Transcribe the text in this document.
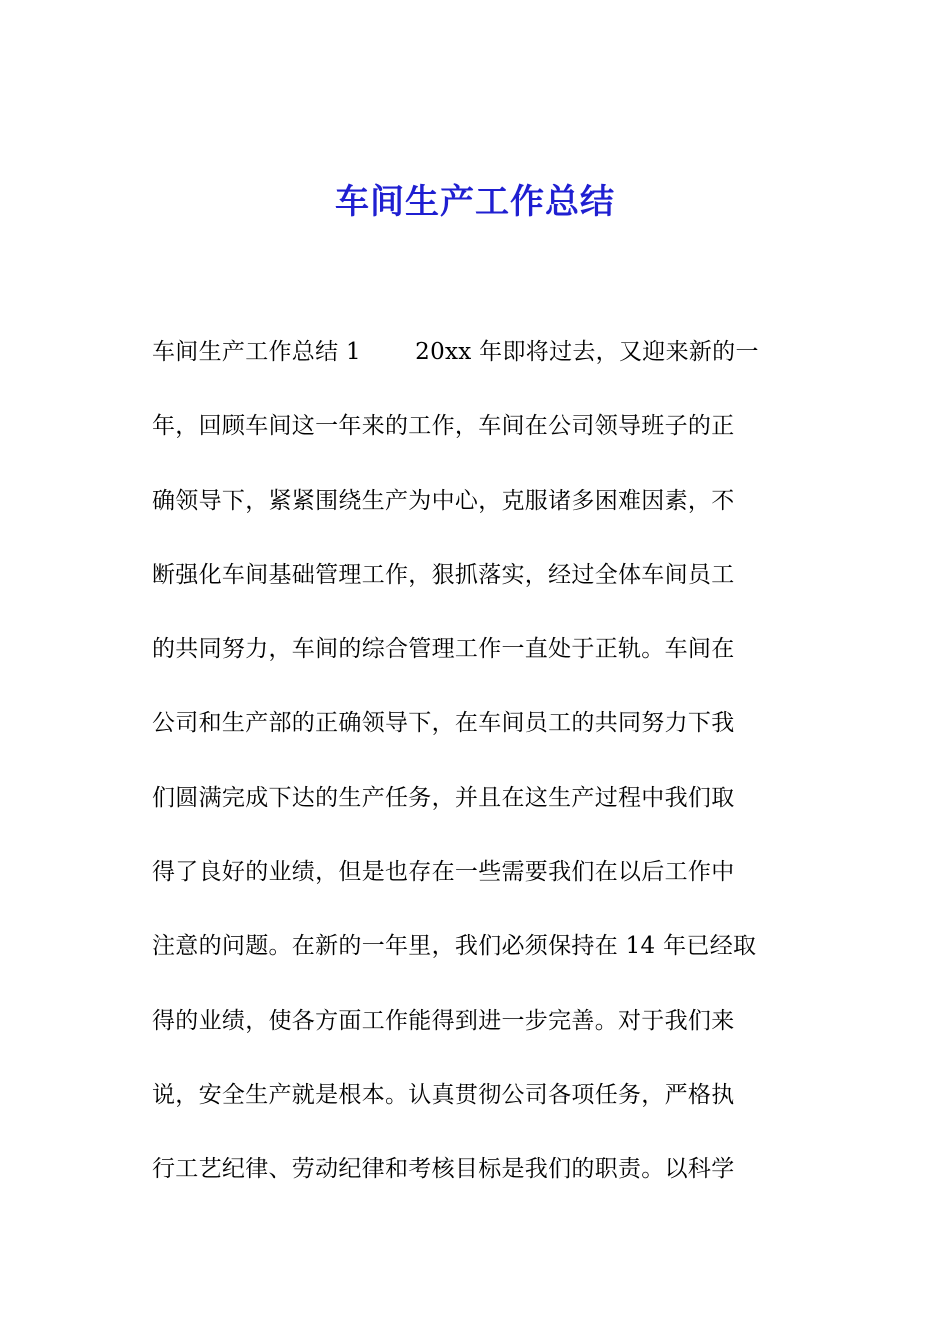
车间生产工作总结
车间生产工作总结 1 　　20xx 年即将过去，又迎来新的一
年，回顾车间这一年来的工作，车间在公司领导班子的正
确领导下，紧紧围绕生产为中心，克服诸多困难因素，不
断强化车间基础管理工作，狠抓落实，经过全体车间员工
的共同努力，车间的综合管理工作一直处于正轨。车间在
公司和生产部的正确领导下，在车间员工的共同努力下我
们圆满完成下达的生产任务，并且在这生产过程中我们取
得了良好的业绩，但是也存在一些需要我们在以后工作中
注意的问题。在新的一年里，我们必须保持在 14 年已经取
得的业绩，使各方面工作能得到进一步完善。对于我们来
说，安全生产就是根本。认真贯彻公司各项任务，严格执
行工艺纪律、劳动纪律和考核目标是我们的职责。以科学
